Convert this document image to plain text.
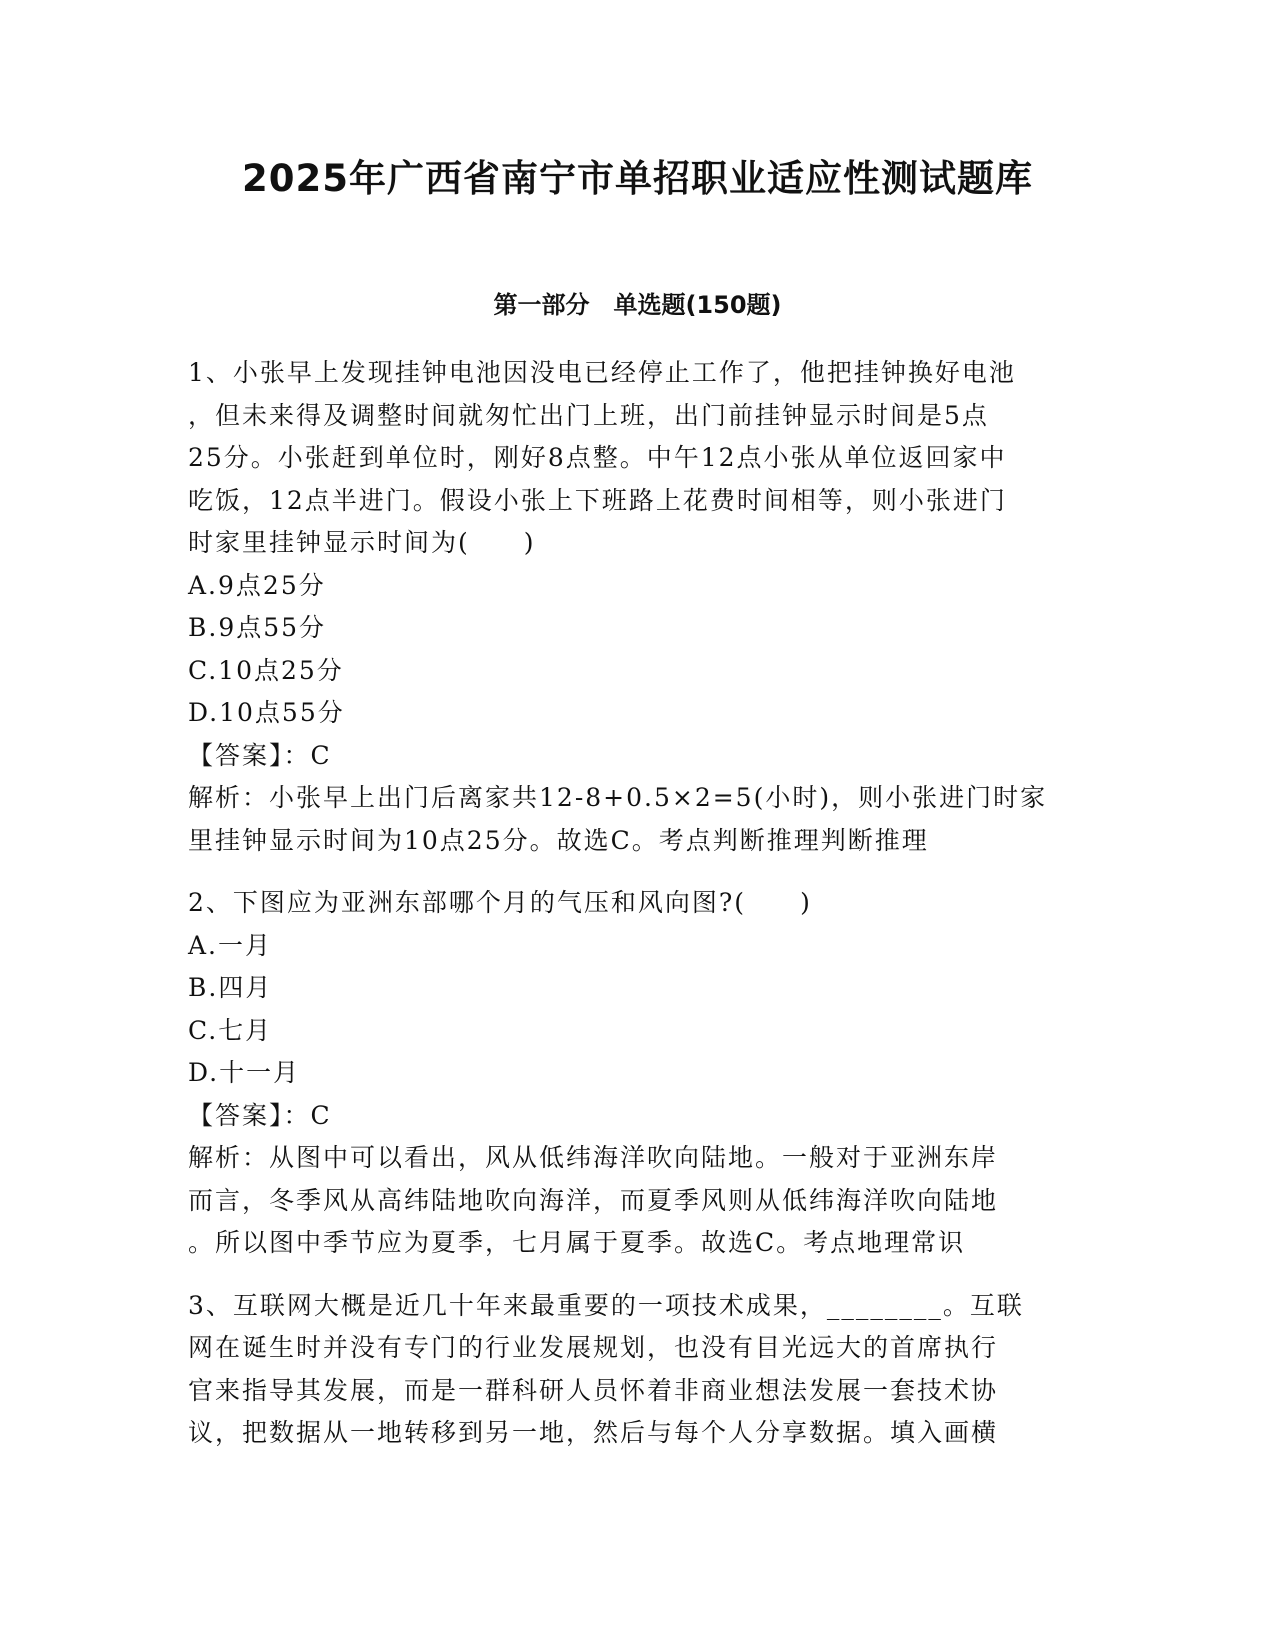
2025年广西省南宁市单招职业适应性测试题库
第一部分　单选题(150题)
1、小张早上发现挂钟电池因没电已经停止工作了，他把挂钟换好电池
，但未来得及调整时间就匆忙出门上班，出门前挂钟显示时间是5点
25分。小张赶到单位时，刚好8点整。中午12点小张从单位返回家中
吃饭，12点半进门。假设小张上下班路上花费时间相等，则小张进门
时家里挂钟显示时间为(　　)
A.9点25分
B.9点55分
C.10点25分
D.10点55分
【答案】：C
解析：小张早上出门后离家共12-8+0.5×2=5(小时)，则小张进门时家
里挂钟显示时间为10点25分。故选C。考点判断推理判断推理
2、下图应为亚洲东部哪个月的气压和风向图?(　　)
A.一月
B.四月
C.七月
D.十一月
【答案】：C
解析：从图中可以看出，风从低纬海洋吹向陆地。一般对于亚洲东岸
而言，冬季风从高纬陆地吹向海洋，而夏季风则从低纬海洋吹向陆地
。所以图中季节应为夏季，七月属于夏季。故选C。考点地理常识
3、互联网大概是近几十年来最重要的一项技术成果，________。互联
网在诞生时并没有专门的行业发展规划，也没有目光远大的首席执行
官来指导其发展，而是一群科研人员怀着非商业想法发展一套技术协
议，把数据从一地转移到另一地，然后与每个人分享数据。填入画横
